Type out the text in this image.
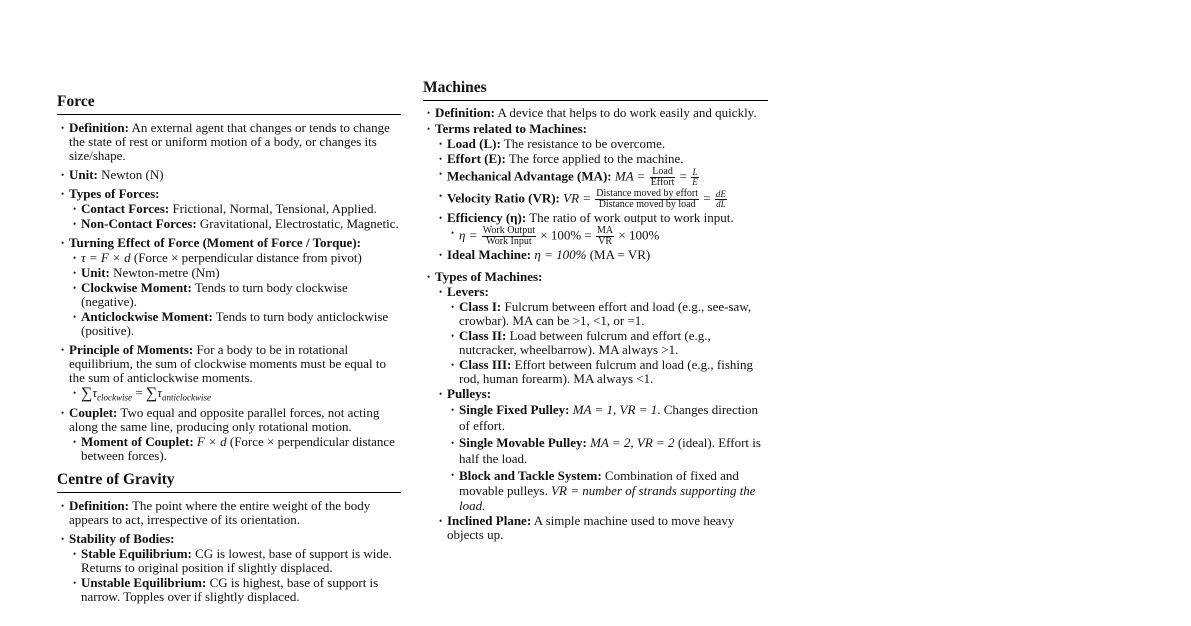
Force
• Definition: An external agent that changes or tends to change the state of rest or uniform motion of a body, or changes its size/shape.
• Unit: Newton (N)
• Types of Forces:
• Contact Forces: Frictional, Normal, Tensional, Applied.
• Non-Contact Forces: Gravitational, Electrostatic, Magnetic.
• Turning Effect of Force (Moment of Force / Torque):
• τ = F × d (Force × perpendicular distance from pivot)
• Unit: Newton-metre (Nm)
• Clockwise Moment: Tends to turn body clockwise (negative).
• Anticlockwise Moment: Tends to turn body anticlockwise (positive).
• Principle of Moments: For a body to be in rotational equilibrium, the sum of clockwise moments must be equal to the sum of anticlockwise moments.
• $\sum\tau_{clockwise} = \sum\tau_{anticlockwise}$
• Couplet: Two equal and opposite parallel forces, not acting along the same line, producing only rotational motion.
• Moment of Couplet: F × d (Force × perpendicular distance between forces).
Centre of Gravity
• Definition: The point where the entire weight of the body appears to act, irrespective of its orientation.
• Stability of Bodies:
• Stable Equilibrium: CG is lowest, base of support is wide. Returns to original position if slightly displaced.
• Unstable Equilibrium: CG is highest, base of support is narrow. Topples over if slightly displaced.
Machines
• Definition: A device that helps to do work easily and quickly.
• Terms related to Machines:
• Load (L): The resistance to be overcome.
• Effort (E): The force applied to the machine.
• Mechanical Advantage (MA): MA = $\frac{\text{Load}}{\text{Effort}} = \frac{L}{E}$
• Velocity Ratio (VR): VR = $\frac{\text{Distance moved by effort}}{\text{Distance moved by load}} = \frac{dE}{dL}$
• Efficiency (η): The ratio of work output to work input.
• $\eta = \frac{\text{Work Output}}{\text{Work Input}} \times 100\% = \frac{MA}{VR} \times 100\%$
• Ideal Machine: η = 100% (MA = VR)
• Types of Machines:
• Levers:
• Class I: Fulcrum between effort and load (e.g., see-saw, crowbar). MA can be >1, <1, or =1.
• Class II: Load between fulcrum and effort (e.g., nutcracker, wheelbarrow). MA always >1.
• Class III: Effort between fulcrum and load (e.g., fishing rod, human forearm). MA always <1.
• Pulleys:
• Single Fixed Pulley: MA = 1, VR = 1. Changes direction of effort.
• Single Movable Pulley: MA = 2, VR = 2 (ideal). Effort is half the load.
• Block and Tackle System: Combination of fixed and movable pulleys. VR = number of strands supporting the load.
• Inclined Plane: A simple machine used to move heavy objects up.
